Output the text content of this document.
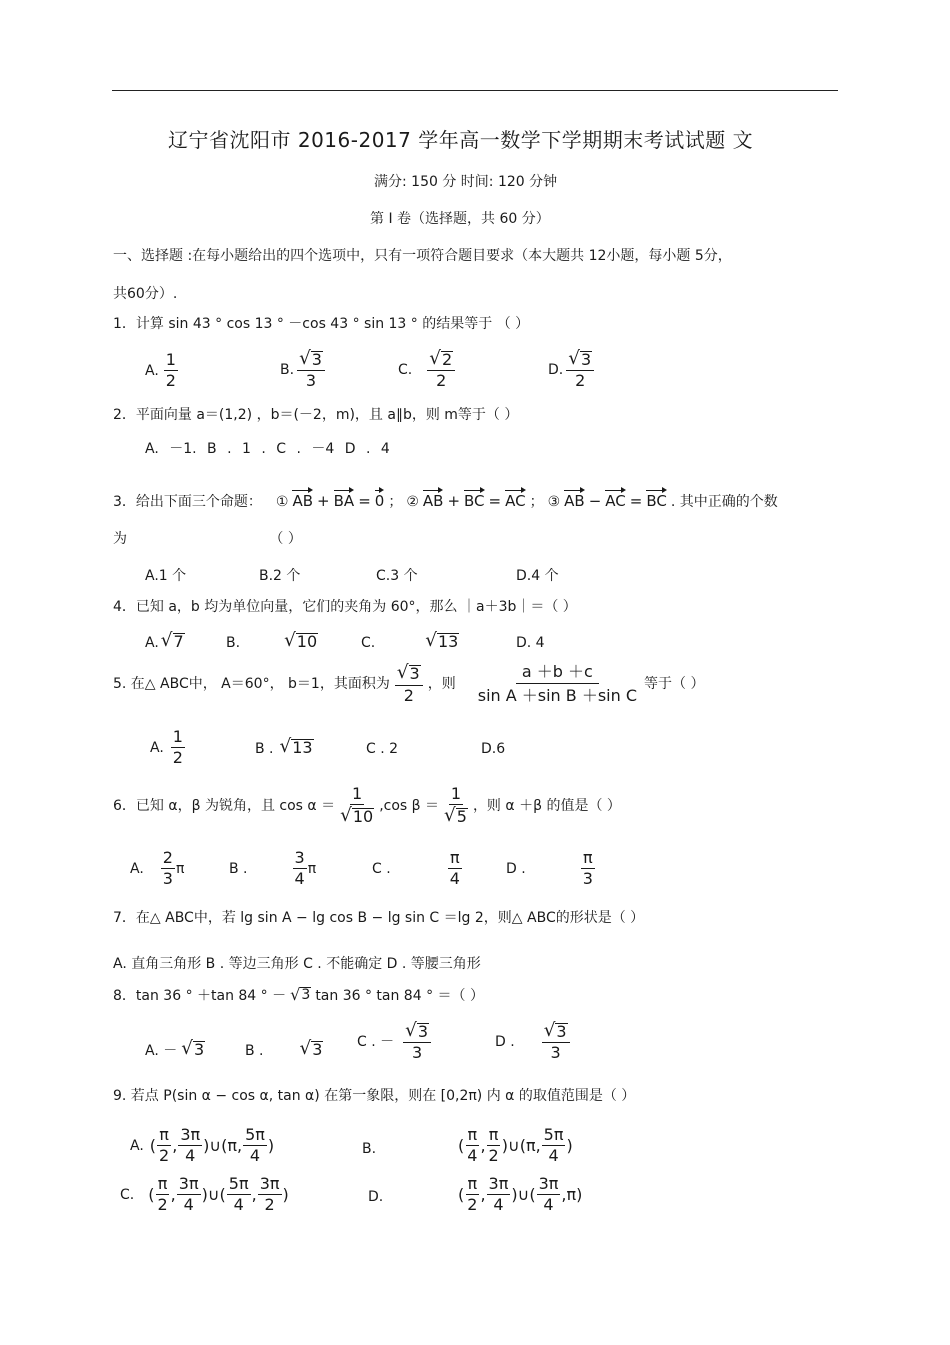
辽宁省沈阳市 2016-2017 学年高一数学下学期期末考试试题 文
满分: 150 分 时间: 120 分钟
第 I 卷（选择题，共 60 分）
一、选择题 :在每小题给出的四个选项中，只有一项符合题目要求（本大题共 12小题，每小题 5分，
共60分）.
1．计算 sin 43 ° cos 13 ° －cos 43 ° sin 13 ° 的结果等于 （ ）
A. $\frac{1}{2}$	B. $\frac{√ 3}{3}$	C. $\frac{√ 2}{2}$	D. $\frac{√ 3}{2}$
2．平面向量 a＝(1,2) ，b＝(－2，m)，且 a∥b，则 m等于（ ）
A. －1. B . 1 . C . －4 D . 4
3．给出下面三个命题： ① AB + BA = 0 ； ② AB + BC = AC ； ③ AB − AC = BC . 其中正确的个数
为                                （ ）
A.1 个	B.2 个	C.3 个	D.4 个
4．已知 a，b 均为单位向量，它们的夹角为 60°，那么 ｜a＋3b｜＝（ ）
A. √ 7	B. √ 10	C.	√ 13	D. 4
5. 在△ ABC中， A＝60°， b＝1，其面积为 $\frac{√ 3}{2}$ ，则 $\frac{a +b +c}{\text{sin A ＋sin B ＋sin C}}$ 等于（ ）
A. $\frac{1}{2}$	B . √ 13	C . 2	D.6
6．已知 α，β 为锐角，且 $\cos \alpha = \frac{1}{√ 10} ,\cos$ $\beta = \frac{1}{√ 5}$ ，则 α ＋β 的值是（ ）
A. $\frac{2}{3}$ π	B .	$\frac{3}{4}$ π	C .	$\frac{\pi}{4}$	D .	$\frac{\pi}{3}$
7．在△ ABC中，若 lg sin A − lg cos B − lg sin C ＝lg 2，则△ ABC的形状是（ ）
A. 直角三角形 B . 等边三角形 C . 不能确定 D . 等腰三角形
8．tan 36 ° ＋tan 84 ° － √ 3 tan 36 ° tan 84 ° ＝（ ）
A. － √ 3	B . √ 3 C . － $\frac{√ 3}{3}$	D . $\frac{√ 3}{3}$
9. 若点 P(sin α − cos α, tan α) 在第一象限，则在 [0,2π) 内 α 的取值范围是（ ）
A. ( $\frac{\pi}{2}$ , $\frac{3\pi}{4}$ ) ∪ ( π , $\frac{5\pi}{4}$ )	B.	( $\frac{\pi}{4}$ , $\frac{\pi}{2}$ ) ∪ ( π , $\frac{5\pi}{4}$ )
C. ( $\frac{\pi}{2}$ , $\frac{3\pi}{4}$ ) ∪ ( $\frac{5\pi}{4}$ , $\frac{3\pi}{2}$ )	D.	( $\frac{\pi}{2}$ , $\frac{3\pi}{4}$ ) ∪ ( $\frac{3\pi}{4}$ , π )
